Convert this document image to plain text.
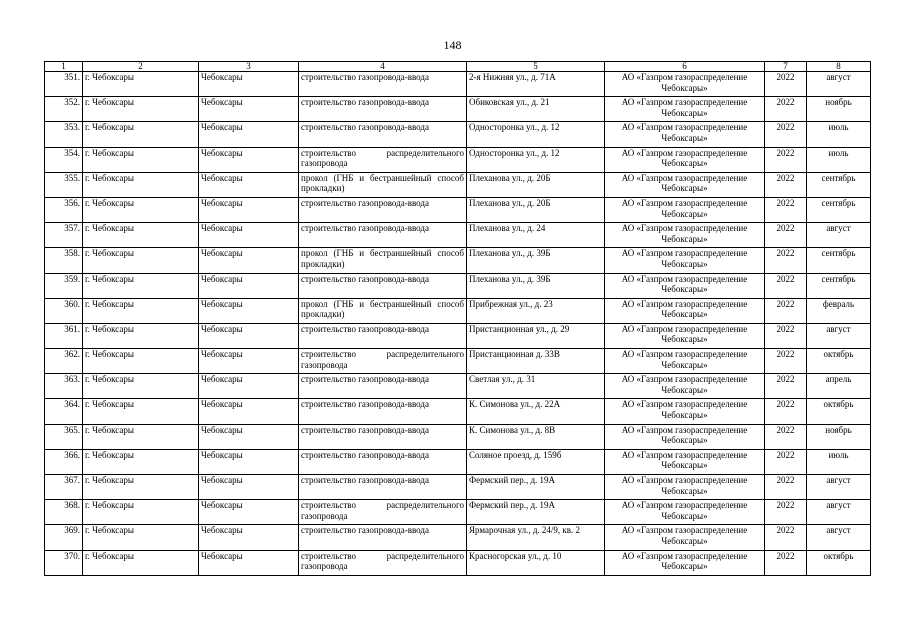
148
1	2	3	4	5	6	7	8
351.	г. Чебоксары	Чебоксары	строительство газопровода-ввода	2-я Нижняя ул., д. 71А	АО «Газпром газораспределение Чебоксары»	2022	август
352.	г. Чебоксары	Чебоксары	строительство газопровода-ввода	Обиковская ул., д. 21	АО «Газпром газораспределение Чебоксары»	2022	ноябрь
353.	г. Чебоксары	Чебоксары	строительство газопровода-ввода	Односторонка ул., д. 12	АО «Газпром газораспределение Чебоксары»	2022	июль
354.	г. Чебоксары	Чебоксары	строительство распределительного газопровода	Односторонка ул., д. 12	АО «Газпром газораспределение Чебоксары»	2022	июль
355.	г. Чебоксары	Чебоксары	прокол (ГНБ и бестраншейный способ прокладки)	Плеханова ул., д. 20Б	АО «Газпром газораспределение Чебоксары»	2022	сентябрь
356.	г. Чебоксары	Чебоксары	строительство газопровода-ввода	Плеханова ул., д. 20Б	АО «Газпром газораспределение Чебоксары»	2022	сентябрь
357.	г. Чебоксары	Чебоксары	строительство газопровода-ввода	Плеханова ул., д. 24	АО «Газпром газораспределение Чебоксары»	2022	август
358.	г. Чебоксары	Чебоксары	прокол (ГНБ и бестраншейный способ прокладки)	Плеханова ул., д. 39Б	АО «Газпром газораспределение Чебоксары»	2022	сентябрь
359.	г. Чебоксары	Чебоксары	строительство газопровода-ввода	Плеханова ул., д. 39Б	АО «Газпром газораспределение Чебоксары»	2022	сентябрь
360.	г. Чебоксары	Чебоксары	прокол (ГНБ и бестраншейный способ прокладки)	Прибрежная ул., д. 23	АО «Газпром газораспределение Чебоксары»	2022	февраль
361.	г. Чебоксары	Чебоксары	строительство газопровода-ввода	Пристанционная ул., д. 29	АО «Газпром газораспределение Чебоксары»	2022	август
362.	г. Чебоксары	Чебоксары	строительство распределительного газопровода	Пристанционная д. 33В	АО «Газпром газораспределение Чебоксары»	2022	октябрь
363.	г. Чебоксары	Чебоксары	строительство газопровода-ввода	Светлая ул., д. 31	АО «Газпром газораспределение Чебоксары»	2022	апрель
364.	г. Чебоксары	Чебоксары	строительство газопровода-ввода	К. Симонова ул., д. 22А	АО «Газпром газораспределение Чебоксары»	2022	октябрь
365.	г. Чебоксары	Чебоксары	строительство газопровода-ввода	К. Симонова ул., д. 8В	АО «Газпром газораспределение Чебоксары»	2022	ноябрь
366.	г. Чебоксары	Чебоксары	строительство газопровода-ввода	Соляное проезд, д. 159б	АО «Газпром газораспределение Чебоксары»	2022	июль
367.	г. Чебоксары	Чебоксары	строительство газопровода-ввода	Фермский пер., д. 19А	АО «Газпром газораспределение Чебоксары»	2022	август
368.	г. Чебоксары	Чебоксары	строительство распределительного газопровода	Фермский пер., д. 19А	АО «Газпром газораспределение Чебоксары»	2022	август
369.	г. Чебоксары	Чебоксары	строительство газопровода-ввода	Ярмарочная ул., д. 24/9, кв. 2	АО «Газпром газораспределение Чебоксары»	2022	август
370.	г. Чебоксары	Чебоксары	строительство распределительного газопровода	Красногорская ул., д. 10	АО «Газпром газораспределение Чебоксары»	2022	октябрь
